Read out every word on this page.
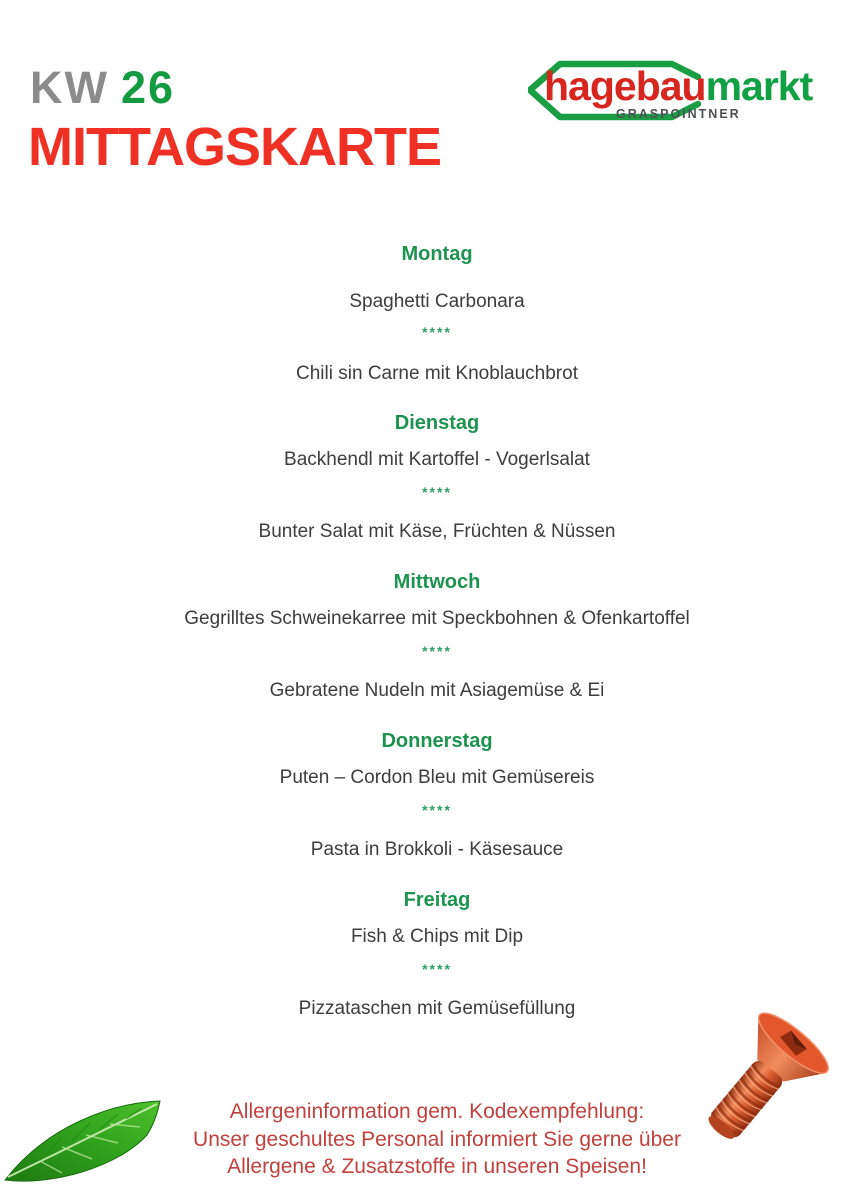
KW 26
MITTAGSKARTE
hagebaumarkt
GRASPOINTNER
Montag
Spaghetti Carbonara
****
Chili sin Carne mit Knoblauchbrot
Dienstag
Backhendl mit Kartoffel - Vogerlsalat
****
Bunter Salat mit Käse, Früchten & Nüssen
Mittwoch
Gegrilltes Schweinekarree mit Speckbohnen & Ofenkartoffel
****
Gebratene Nudeln mit Asiagemüse & Ei
Donnerstag
Puten – Cordon Bleu mit Gemüsereis
****
Pasta in Brokkoli - Käsesauce
Freitag
Fish & Chips mit Dip
****
Pizzataschen mit Gemüsefüllung
Allergeninformation gem. Kodexempfehlung:
Unser geschultes Personal informiert Sie gerne über
Allergene & Zusatzstoffe in unseren Speisen!
